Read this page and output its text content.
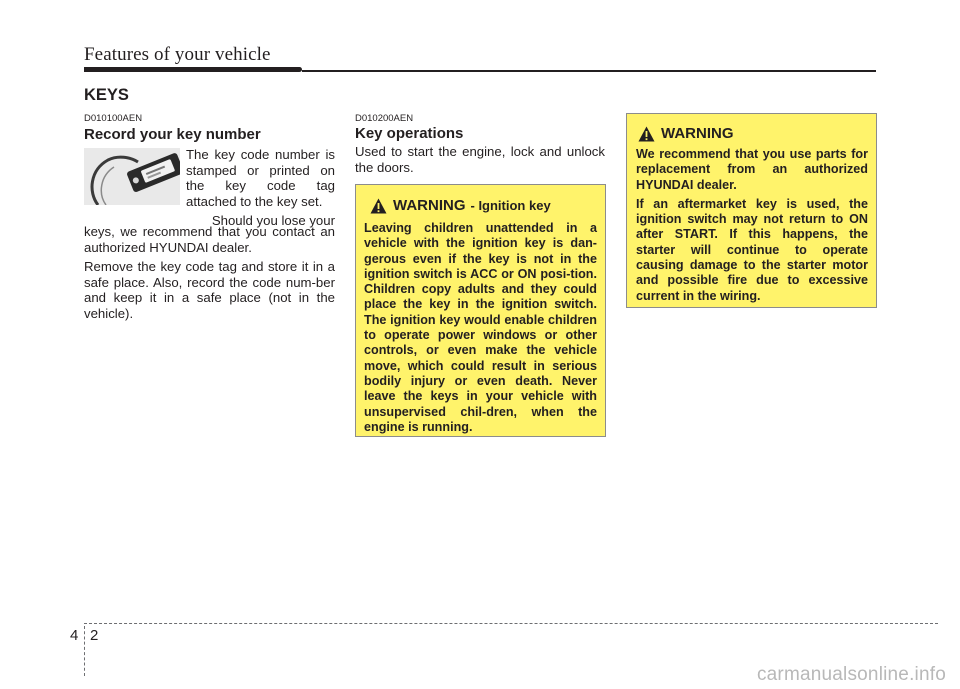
Features of your vehicle
KEYS
D010100AEN
Record your key number

The key code number is stamped or printed on the key code tag attached to the key set.

Should you lose your

keys, we recommend that you contact an authorized HYUNDAI dealer.

Remove the key code tag and store it in a safe place. Also, record the code num-ber and keep it in a safe place (not in the vehicle).

D010200AEN
Key operations

Used to start the engine, lock and unlock the doors.

WARNING - Ignition key

Leaving children unattended in a vehicle with the ignition key is dan-gerous even if the key is not in the ignition switch is ACC or ON posi-tion. Children copy adults and they could place the key in the ignition switch. The ignition key would enable children to operate power windows or other controls, or even make the vehicle move, which could result in serious bodily injury or even death. Never leave the keys in your vehicle with unsupervised chil-dren, when the engine is running.

WARNING

We recommend that you use parts for replacement from an authorized HYUNDAI dealer.

If an aftermarket key is used, the ignition switch may not return to ON after START. If this happens, the starter will continue to operate causing damage to the starter motor and possible fire due to excessive current in the wiring.

4 2
carmanualsonline.info
